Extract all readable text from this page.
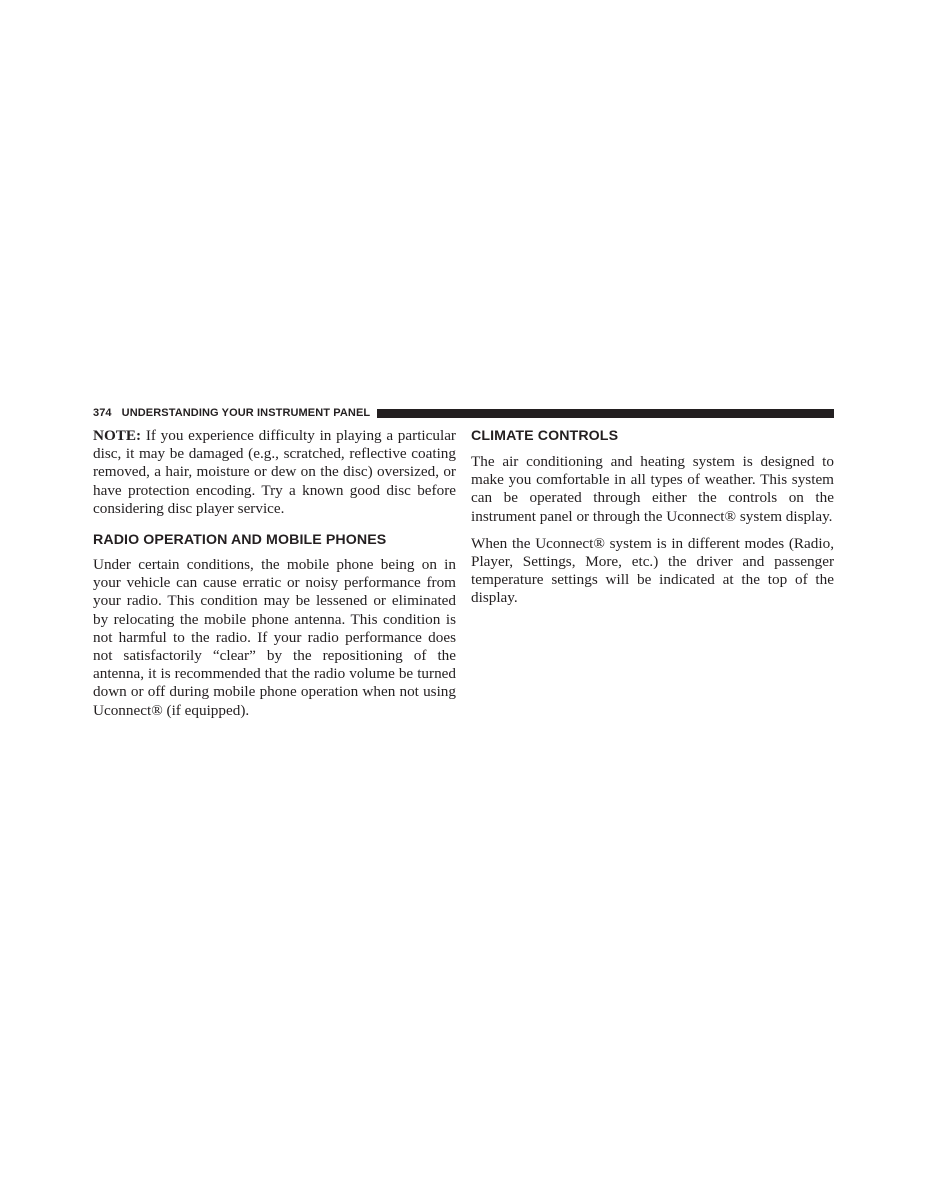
374 UNDERSTANDING YOUR INSTRUMENT PANEL

NOTE: If you experience difficulty in playing a particular disc, it may be damaged (e.g., scratched, reflective coating removed, a hair, moisture or dew on the disc) oversized, or have protection encoding. Try a known good disc before considering disc player service.

RADIO OPERATION AND MOBILE PHONES

Under certain conditions, the mobile phone being on in your vehicle can cause erratic or noisy performance from your radio. This condition may be lessened or eliminated by relocating the mobile phone antenna. This condition is not harmful to the radio. If your radio performance does not satisfactorily “clear” by the repositioning of the antenna, it is recommended that the radio volume be turned down or off during mobile phone operation when not using Uconnect® (if equipped).

CLIMATE CONTROLS

The air conditioning and heating system is designed to make you comfortable in all types of weather. This system can be operated through either the controls on the instrument panel or through the Uconnect® system display.

When the Uconnect® system is in different modes (Radio, Player, Settings, More, etc.) the driver and passenger temperature settings will be indicated at the top of the display.
